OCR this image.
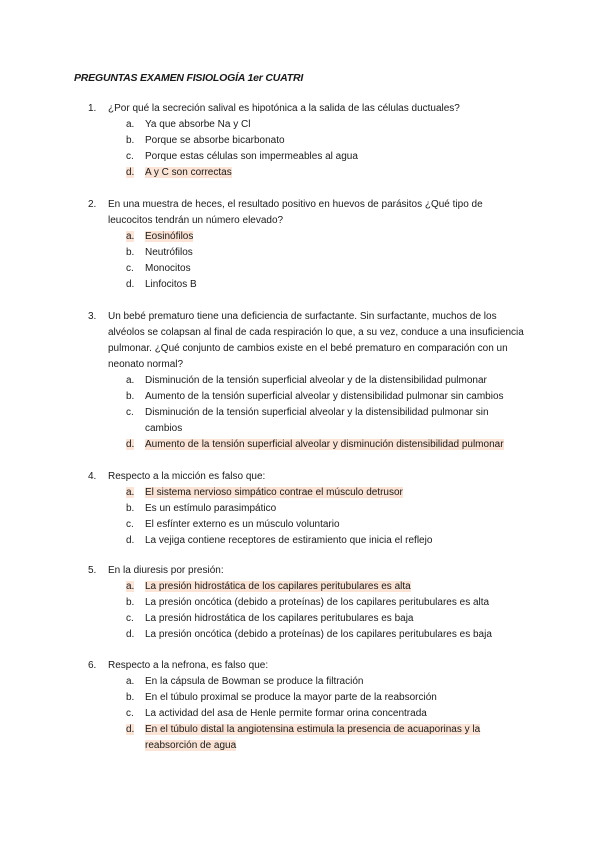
PREGUNTAS EXAMEN FISIOLOGÍA 1er CUATRI
1.	¿Por qué la secreción salival es hipotónica a la salida de las células ductuales?
a.	Ya que absorbe Na y Cl
b.	Porque se absorbe bicarbonato
c.	Porque estas células son impermeables al agua
d.	A y C son correctas
2.	En una muestra de heces, el resultado positivo en huevos de parásitos ¿Qué tipo de leucocitos tendrán un número elevado?
a.	Eosinófilos
b.	Neutrófilos
c.	Monocitos
d.	Linfocitos B
3.	Un bebé prematuro tiene una deficiencia de surfactante. Sin surfactante, muchos de los alvéolos se colapsan al final de cada respiración lo que, a su vez, conduce a una insuficiencia pulmonar. ¿Qué conjunto de cambios existe en el bebé prematuro en comparación con un neonato normal?
a.	Disminución de la tensión superficial alveolar y de la distensibilidad pulmonar
b.	Aumento de la tensión superficial alveolar y distensibilidad pulmonar sin cambios
c.	Disminución de la tensión superficial alveolar y la distensibilidad pulmonar sin cambios
d.	Aumento de la tensión superficial alveolar y disminución distensibilidad pulmonar
4.	Respecto a la micción es falso que:
a.	El sistema nervioso simpático contrae el músculo detrusor
b.	Es un estímulo parasimpático
c.	El esfínter externo es un músculo voluntario
d.	La vejiga contiene receptores de estiramiento que inicia el reflejo
5.	En la diuresis por presión:
a.	La presión hidrostática de los capilares peritubulares es alta
b.	La presión oncótica (debido a proteínas) de los capilares peritubulares es alta
c.	La presión hidrostática de los capilares peritubulares es baja
d.	La presión oncótica (debido a proteínas) de los capilares peritubulares es baja
6.	Respecto a la nefrona, es falso que:
a.	En la cápsula de Bowman se produce la filtración
b.	En el túbulo proximal se produce la mayor parte de la reabsorción
c.	La actividad del asa de Henle permite formar orina concentrada
d.	En el túbulo distal la angiotensina estimula la presencia de acuaporinas y la reabsorción de agua
